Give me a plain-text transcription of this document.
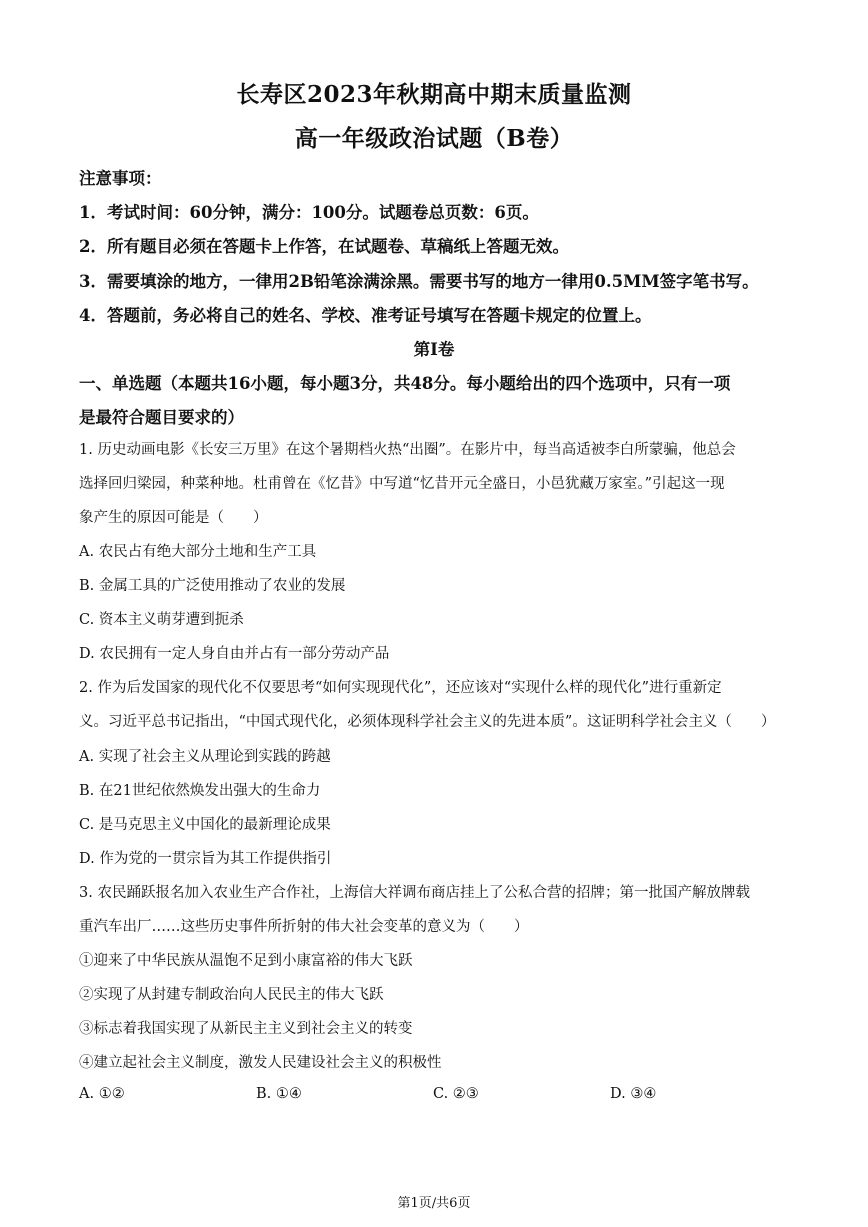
长寿区2023年秋期高中期末质量监测
高一年级政治试题（B卷）
注意事项：
1．考试时间：60分钟，满分：100分。试题卷总页数：6页。
2．所有题目必须在答题卡上作答，在试题卷、草稿纸上答题无效。
3．需要填涂的地方，一律用2B铅笔涂满涂黑。需要书写的地方一律用0.5MM签字笔书写。
4．答题前，务必将自己的姓名、学校、准考证号填写在答题卡规定的位置上。
第I卷
一、单选题（本题共16小题，每小题3分，共48分。每小题给出的四个选项中，只有一项
是最符合题目要求的）
1. 历史动画电影《长安三万里》在这个暑期档火热“出圈”。在影片中，每当高适被李白所蒙骗，他总会
选择回归梁园，种菜种地。杜甫曾在《忆昔》中写道“忆昔开元全盛日，小邑犹藏万家室。”引起这一现
象产生的原因可能是（　　）
A. 农民占有绝大部分土地和生产工具
B. 金属工具的广泛使用推动了农业的发展
C. 资本主义萌芽遭到扼杀
D. 农民拥有一定人身自由并占有一部分劳动产品
2. 作为后发国家的现代化不仅要思考“如何实现现代化”，还应该对“实现什么样的现代化”进行重新定
义。习近平总书记指出，“中国式现代化，必须体现科学社会主义的先进本质”。这证明科学社会主义（　　）
A. 实现了社会主义从理论到实践的跨越
B. 在21世纪依然焕发出强大的生命力
C. 是马克思主义中国化的最新理论成果
D. 作为党的一贯宗旨为其工作提供指引
3. 农民踊跃报名加入农业生产合作社，上海信大祥调布商店挂上了公私合营的招牌；第一批国产解放牌载
重汽车出厂……这些历史事件所折射的伟大社会变革的意义为（　　）
①迎来了中华民族从温饱不足到小康富裕的伟大飞跃
②实现了从封建专制政治向人民民主的伟大飞跃
③标志着我国实现了从新民主主义到社会主义的转变
④建立起社会主义制度，激发人民建设社会主义的积极性
A. ①②	B. ①④	C. ②③	D. ③④
第1页/共6页
